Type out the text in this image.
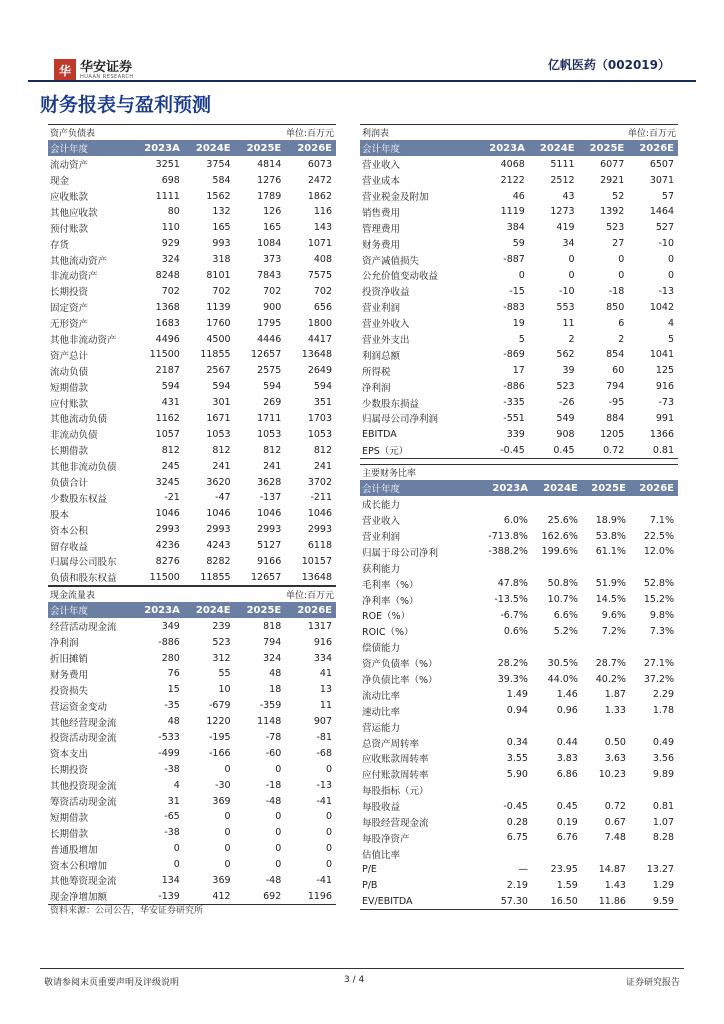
华 华安证券
HUAAN RESEARCH
亿帆医药（002019）
财务报表与盈利预测
资产负债表		单位:百万元		
会计年度	2023A	2024E	2025E	2026E
流动资产	3251	3754	4814	6073
现金	698	584	1276	2472
应收账款	1111	1562	1789	1862
其他应收款	80	132	126	116
预付账款	110	165	165	143
存货	929	993	1084	1071
其他流动资产	324	318	373	408
非流动资产	8248	8101	7843	7575
长期投资	702	702	702	702
固定资产	1368	1139	900	656
无形资产	1683	1760	1795	1800
其他非流动资产	4496	4500	4446	4417
资产总计	11500	11855	12657	13648
流动负债	2187	2567	2575	2649
短期借款	594	594	594	594
应付账款	431	301	269	351
其他流动负债	1162	1671	1711	1703
非流动负债	1057	1053	1053	1053
长期借款	812	812	812	812
其他非流动负债	245	241	241	241
负债合计	3245	3620	3628	3702
少数股东权益	-21	-47	-137	-211
股本	1046	1046	1046	1046
资本公积	2993	2993	2993	2993
留存收益	4236	4243	5127	6118
归属母公司股东	8276	8282	9166	10157
负债和股东权益	11500	11855	12657	13648
利润表		单位:百万元		
会计年度	2023A	2024E	2025E	2026E
营业收入	4068	5111	6077	6507
营业成本	2122	2512	2921	3071
营业税金及附加	46	43	52	57
销售费用	1119	1273	1392	1464
管理费用	384	419	523	527
财务费用	59	34	27	-10
资产减值损失	-887	0	0	0
公允价值变动收益	0	0	0	0
投资净收益	-15	-10	-18	-13
营业利润	-883	553	850	1042
营业外收入	19	11	6	4
营业外支出	5	2	2	5
利润总额	-869	562	854	1041
所得税	17	39	60	125
净利润	-886	523	794	916
少数股东损益	-335	-26	-95	-73
归属母公司净利润	-551	549	884	991
EBITDA	339	908	1205	1366
EPS（元）	-0.45	0.45	0.72	0.81
主要财务比率				
会计年度	2023A	2024E	2025E	2026E
成长能力				
营业收入	6.0%	25.6%	18.9%	7.1%
营业利润	-713.8%	162.6%	53.8%	22.5%
归属于母公司净利	-388.2%	199.6%	61.1%	12.0%
获利能力				
毛利率（%）	47.8%	50.8%	51.9%	52.8%
净利率（%）	-13.5%	10.7%	14.5%	15.2%
ROE（%）	-6.7%	6.6%	9.6%	9.8%
ROIC（%）	0.6%	5.2%	7.2%	7.3%
偿债能力				
资产负债率（%）	28.2%	30.5%	28.7%	27.1%
净负债比率（%）	39.3%	44.0%	40.2%	37.2%
流动比率	1.49	1.46	1.87	2.29
速动比率	0.94	0.96	1.33	1.78
营运能力				
总资产周转率	0.34	0.44	0.50	0.49
应收账款周转率	3.55	3.83	3.63	3.56
应付账款周转率	5.90	6.86	10.23	9.89
每股指标（元）				
每股收益	-0.45	0.45	0.72	0.81
每股经营现金流	0.28	0.19	0.67	1.07
每股净资产	6.75	6.76	7.48	8.28
估值比率				
P/E	—	23.95	14.87	13.27
P/B	2.19	1.59	1.43	1.29
EV/EBITDA	57.30	16.50	11.86	9.59
现金流量表		单位:百万元		
会计年度	2023A	2024E	2025E	2026E
经营活动现金流	349	239	818	1317
净利润	-886	523	794	916
折旧摊销	280	312	324	334
财务费用	76	55	48	41
投资损失	15	10	18	13
营运资金变动	-35	-679	-359	11
其他经营现金流	48	1220	1148	907
投资活动现金流	-533	-195	-78	-81
资本支出	-499	-166	-60	-68
长期投资	-38	0	0	0
其他投资现金流	4	-30	-18	-13
筹资活动现金流	31	369	-48	-41
短期借款	-65	0	0	0
长期借款	-38	0	0	0
普通股增加	0	0	0	0
资本公积增加	0	0	0	0
其他筹资现金流	134	369	-48	-41
现金净增加额	-139	412	692	1196
资料来源：公司公告，华安证券研究所
敬请参阅末页重要声明及评级说明	3 / 4	证券研究报告
